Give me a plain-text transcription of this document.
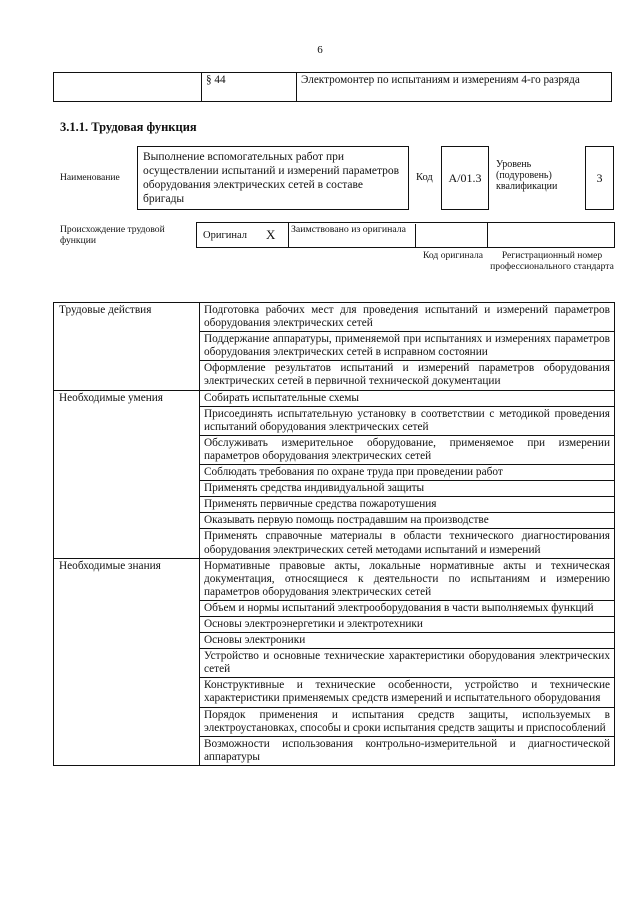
6
	§ 44	Электромонтер по испытаниям и измерениям 4-го разряда
3.1.1. Трудовая функция
Наименование
Выполнение вспомогательных работ при осуществлении испытаний и измерений параметров оборудования электрических сетей в составе бригады
Код	А/01.3
Уровень (подуровень) квалификации
3
Происхождение трудовой функции	Оригинал X Заимствовано из оригинала
Код оригинала	Регистрационный номер профессионального стандарта
Трудовые действия	Подготовка рабочих мест для проведения испытаний и измерений параметров оборудования электрических сетей
	Поддержание аппаратуры, применяемой при испытаниях и измерениях параметров оборудования электрических сетей в исправном состоянии
	Оформление результатов испытаний и измерений параметров оборудования электрических сетей в первичной технической документации
Необходимые умения	Собирать испытательные схемы
	Присоединять испытательную установку в соответствии с методикой проведения испытаний оборудования электрических сетей
	Обслуживать измерительное оборудование, применяемое при измерении параметров оборудования электрических сетей
	Соблюдать требования по охране труда при проведении работ
	Применять средства индивидуальной защиты
	Применять первичные средства пожаротушения
	Оказывать первую помощь пострадавшим на производстве
	Применять справочные материалы в области технического диагностирования оборудования электрических сетей методами испытаний и измерений
Необходимые знания	Нормативные правовые акты, локальные нормативные акты и техническая документация, относящиеся к деятельности по испытаниям и измерению параметров оборудования электрических сетей
	Объем и нормы испытаний электрооборудования в части выполняемых функций
	Основы электроэнергетики и электротехники
	Основы электроники
	Устройство и основные технические характеристики оборудования электрических сетей
	Конструктивные и технические особенности, устройство и технические характеристики применяемых средств измерений и испытательного оборудования
	Порядок применения и испытания средств защиты, используемых в электроустановках, способы и сроки испытания средств защиты и приспособлений
	Возможности использования контрольно-измерительной и диагностической аппаратуры
